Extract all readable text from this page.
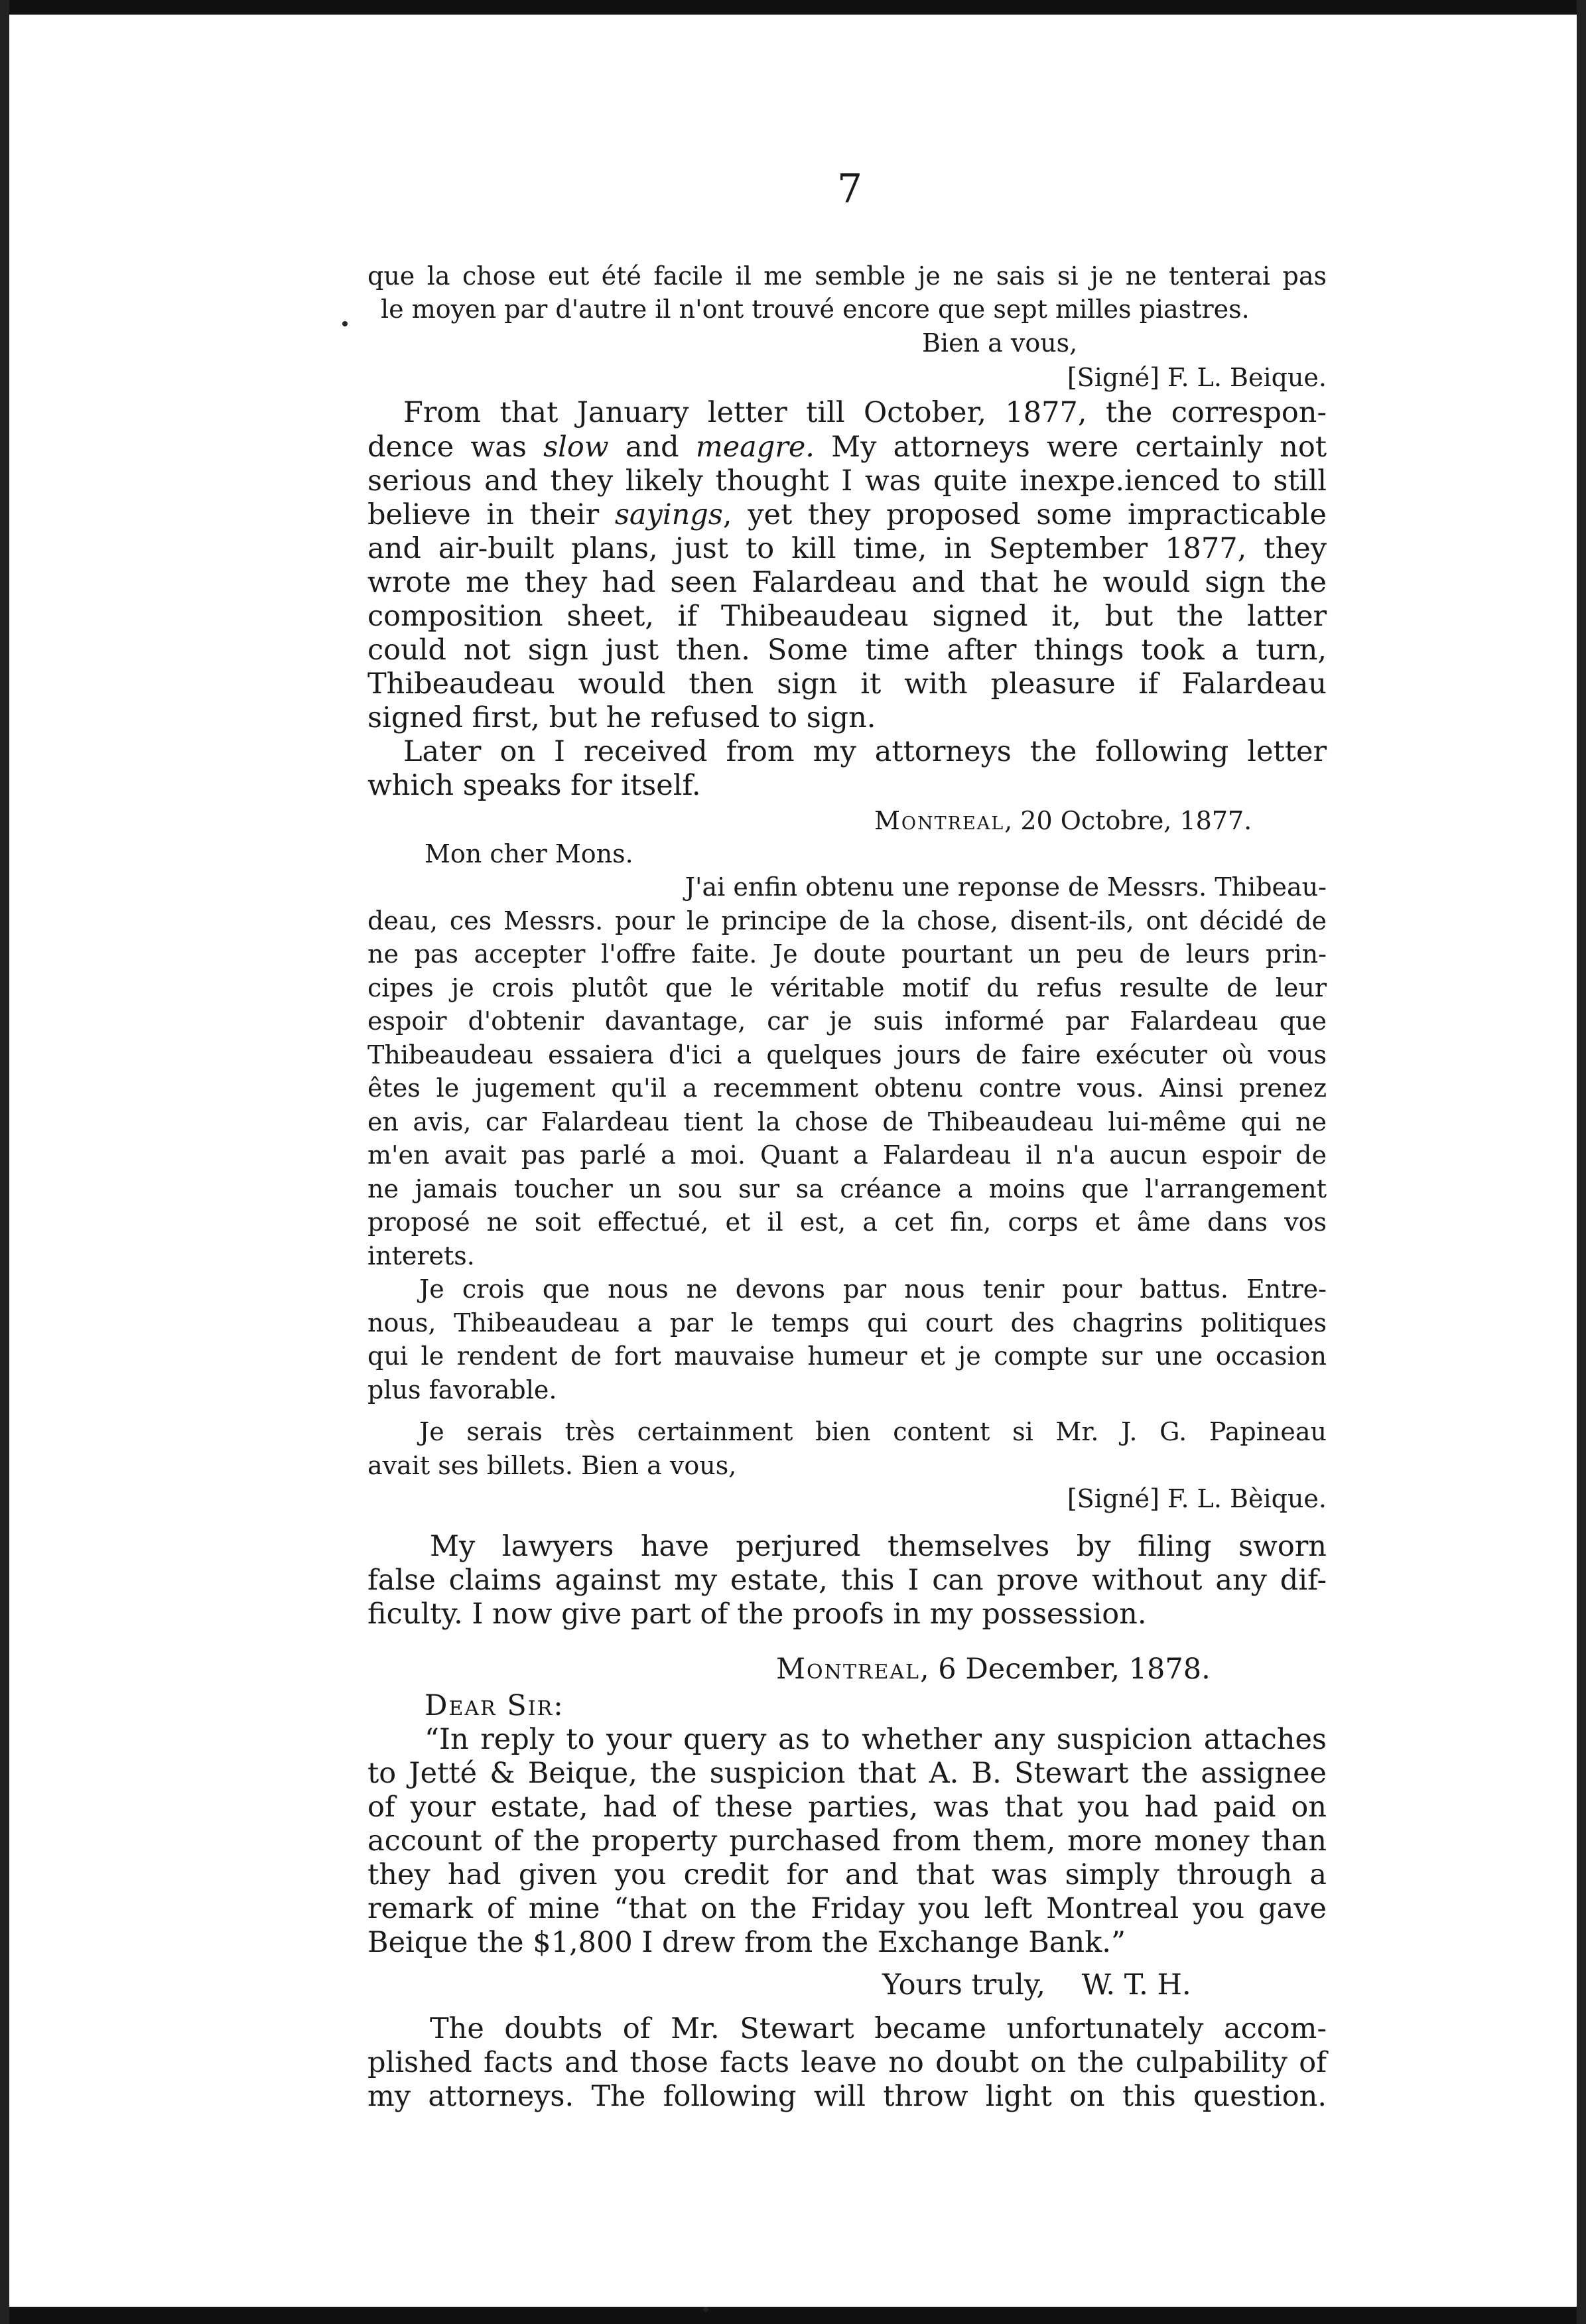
7
que la chose eut été facile il me semble je ne sais si je ne tenterai pas
le moyen par d'autre il n'ont trouvé encore que sept milles piastres.
Bien a vous,
[Signé] F. L. Beique.
From that January letter till October, 1877, the correspon-
dence was slow and meagre. My attorneys were certainly not
serious and they likely thought I was quite inexpe.ienced to still
believe in their sayings, yet they proposed some impracticable
and air-built plans, just to kill time, in September 1877, they
wrote me they had seen Falardeau and that he would sign the
composition sheet, if Thibeaudeau signed it, but the latter
could not sign just then. Some time after things took a turn,
Thibeaudeau would then sign it with pleasure if Falardeau
signed first, but he refused to sign.
Later on I received from my attorneys the following letter
which speaks for itself.
Montreal, 20 Octobre, 1877.
Mon cher Mons.
J'ai enfin obtenu une reponse de Messrs. Thibeau-
deau, ces Messrs. pour le principe de la chose, disent-ils, ont décidé de
ne pas accepter l'offre faite. Je doute pourtant un peu de leurs prin-
cipes je crois plutôt que le véritable motif du refus resulte de leur
espoir d'obtenir davantage, car je suis informé par Falardeau que
Thibeaudeau essaiera d'ici a quelques jours de faire exécuter où vous
êtes le jugement qu'il a recemment obtenu contre vous. Ainsi prenez
en avis, car Falardeau tient la chose de Thibeaudeau lui-même qui ne
m'en avait pas parlé a moi. Quant a Falardeau il n'a aucun espoir de
ne jamais toucher un sou sur sa créance a moins que l'arrangement
proposé ne soit effectué, et il est, a cet fin, corps et âme dans vos
interets.
Je crois que nous ne devons par nous tenir pour battus. Entre-
nous, Thibeaudeau a par le temps qui court des chagrins politiques
qui le rendent de fort mauvaise humeur et je compte sur une occasion
plus favorable.
Je serais très certainment bien content si Mr. J. G. Papineau
avait ses billets. Bien a vous,
[Signé] F. L. Bèique.
My lawyers have perjured themselves by filing sworn
false claims against my estate, this I can prove without any dif-
ficulty. I now give part of the proofs in my possession.
Montreal, 6 December, 1878.
Dear Sir:
“In reply to your query as to whether any suspicion attaches
to Jetté & Beique, the suspicion that A. B. Stewart the assignee
of your estate, had of these parties, was that you had paid on
account of the property purchased from them, more money than
they had given you credit for and that was simply through a
remark of mine “that on the Friday you left Montreal you gave
Beique the $1,800 I drew from the Exchange Bank.”
Yours truly,    W. T. H.
The doubts of Mr. Stewart became unfortunately accom-
plished facts and those facts leave no doubt on the culpability of
my attorneys. The following will throw light on this question.
